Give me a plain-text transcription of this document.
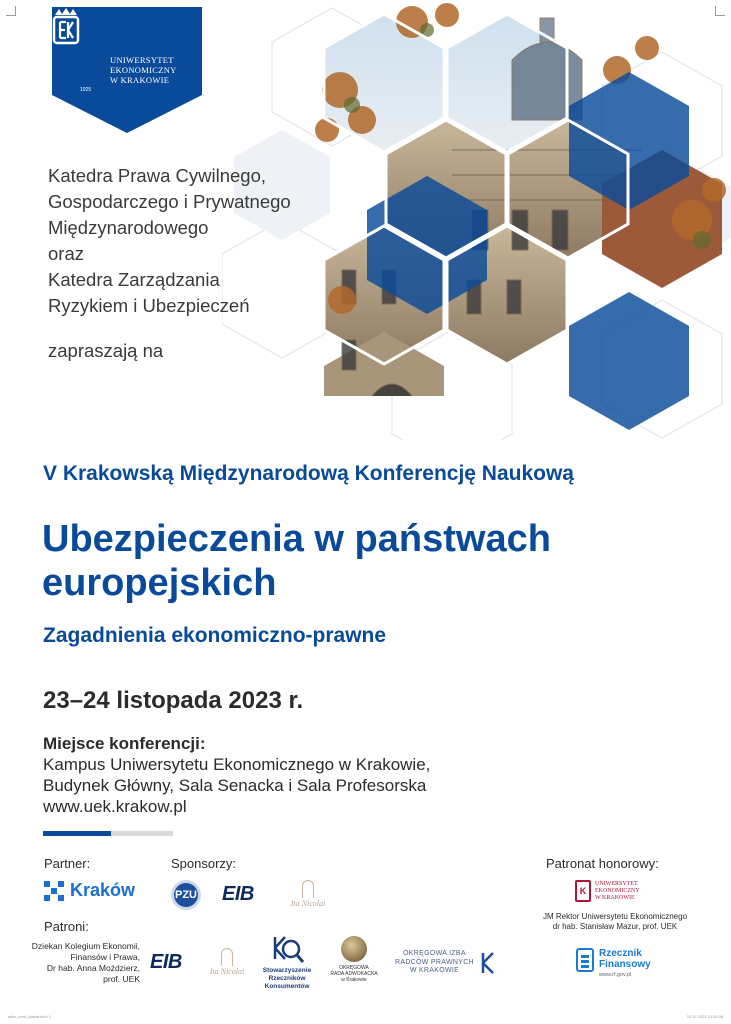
UNIWERSYTET
EKONOMICZNY
W KRAKOWIE
1925
Katedra Prawa Cywilnego,
Gospodarczego i Prywatnego
Międzynarodowego
oraz
Katedra Zarządzania
Ryzykiem i Ubezpieczeń
zapraszają na
V Krakowską Międzynarodową Konferencję Naukową
Ubezpieczenia w państwach europejskich
Zagadnienia ekonomiczno-prawne
23–24 listopada 2023 r.
Miejsce konferencji:
Kampus Uniwersytetu Ekonomicznego w Krakowie,
Budynek Główny, Sala Senacka i Sala Profesorska
www.uek.krakow.pl
Partner:
Kraków
Sponsorzy:
PZU EIB	Ita Nicolai
Patroni:
Dziekan Kolegium Ekonomii,
Finansów i Prawa,
Dr hab. Anna Moździerz,
prof. UEK
EIB	Ita Nicolai	Stowarzyszenie
Rzeczników
Konsumentów
OKRĘGOWA
RADA ADWOKACKA
w Krakowie
OKRĘGOWA IZBA
RADCÓW PRAWNYCH
W KRAKOWIE
Patronat honorowy:
K
UNIWERSYTET
EKONOMICZNY
W KRAKOWIE
JM Rektor Uniwersytetu Ekonomicznego
dr hab. Stanisław Mazur, prof. UEK
Rzecznik
Finansowy
www.rf.gov.pl
afisz_konf_plakat.indd 1	20.11.2023 13:15:38
